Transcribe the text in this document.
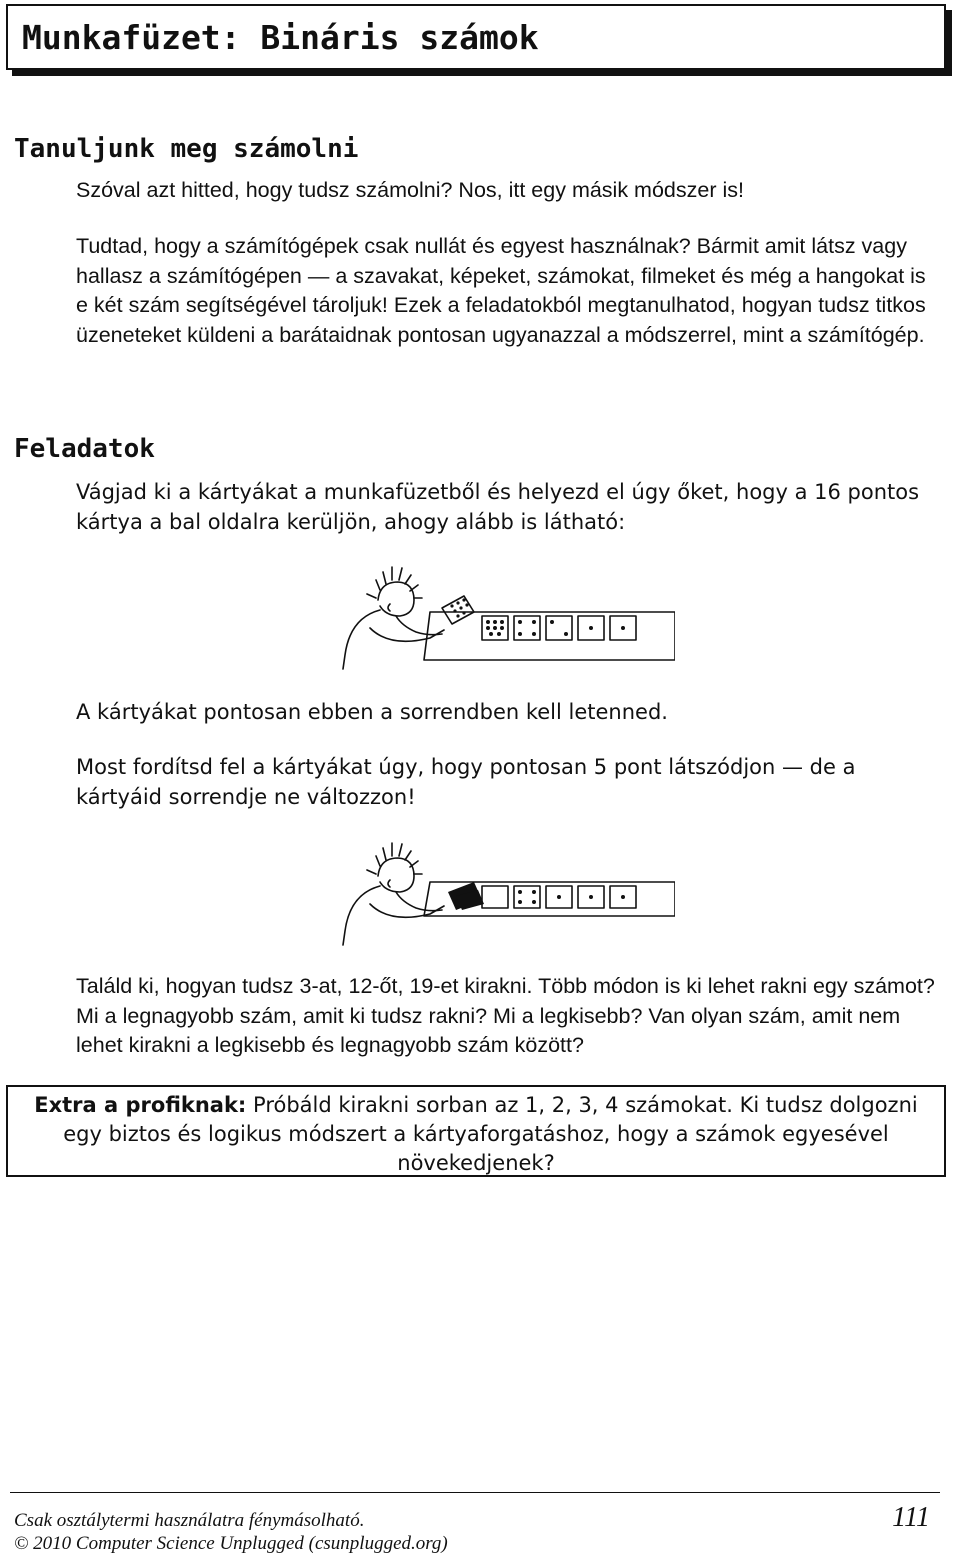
Munkafüzet: Bináris számok
Tanuljunk meg számolni

Szóval azt hitted, hogy tudsz számolni? Nos, itt egy másik módszer is!

Tudtad, hogy a számítógépek csak nullát és egyest használnak? Bármit amit látsz vagy hallasz a számítógépen — a szavakat, képeket, számokat, filmeket és még a hangokat is e két szám segítségével tároljuk! Ezek a feladatokból megtanulhatod, hogyan tudsz titkos üzeneteket küldeni a barátaidnak pontosan ugyanazzal a módszerrel, mint a számítógép.

Feladatok

Vágjad ki a kártyákat a munkafüzetből és helyezd el úgy őket, hogy a 16 pontos kártya a bal oldalra kerüljön, ahogy alább is látható:

A kártyákat pontosan ebben a sorrendben kell letenned.

Most fordítsd fel a kártyákat úgy, hogy pontosan 5 pont látszódjon — de a kártyáid sorrendje ne változzon!

Találd ki, hogyan tudsz 3-at, 12-őt, 19-et kirakni. Több módon is ki lehet rakni egy számot? Mi a legnagyobb szám, amit ki tudsz rakni? Mi a legkisebb? Van olyan szám, amit nem lehet kirakni a legkisebb és legnagyobb szám között?

Extra a profiknak: Próbáld kirakni sorban az 1, 2, 3, 4 számokat. Ki tudsz dolgozni egy biztos és logikus módszert a kártyaforgatáshoz, hogy a számok egyesével növekedjenek?
Csak osztálytermi használatra fénymásolható.
© 2010 Computer Science Unplugged (csunplugged.org)
111
